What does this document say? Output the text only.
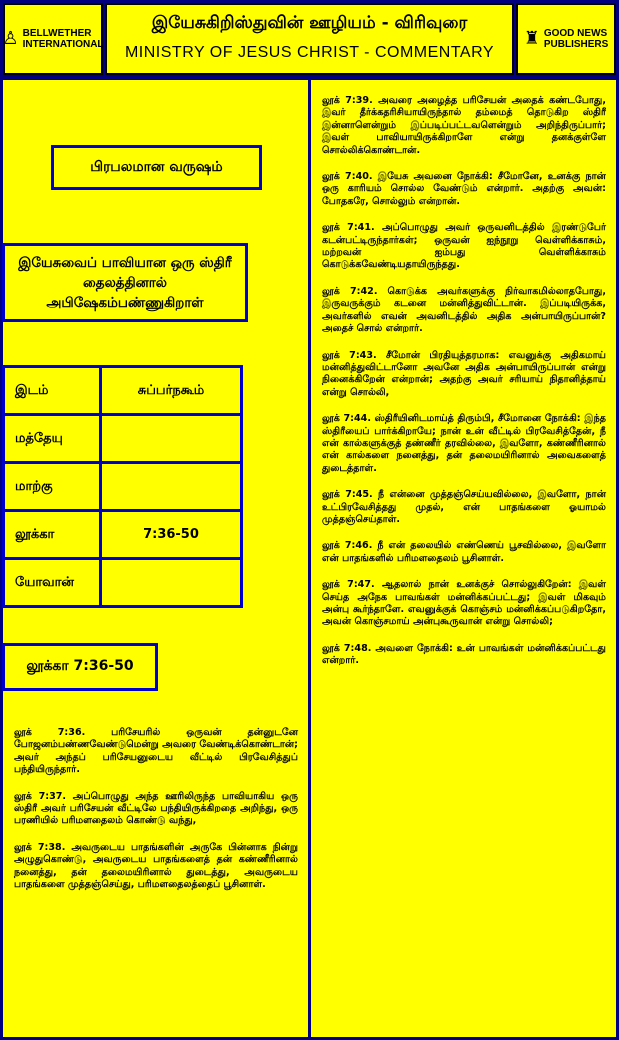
♙ BELLWETHER
INTERNATIONAL
இயேசுகிறிஸ்துவின் ஊழியம் - விரிவுரை
MINISTRY OF JESUS CHRIST - COMMENTARY
♜ GOOD NEWS
PUBLISHERS
பிரபலமான வருஷம்
இயேசுவைப் பாவியான ஒரு ஸ்திரீ தைலத்தினால் அபிஷேகம்பண்ணுகிறாள்
இடம்	சுப்பர்நகூம்
மத்தேயு	
மாற்கு	
லூக்கா	7:36-50
யோவான்	
லூக்கா 7:36-50

லூக் 7:36. பரிசேயரில் ஒருவன் தன்னுடனே போஜனம்பண்ணவேண்டுமென்று அவரை வேண்டிக்கொண்டான்; அவர் அந்தப் பரிசேயனுடைய வீட்டில் பிரவேசித்துப் பந்தியிருந்தார்.

லூக் 7:37. அப்பொழுது அந்த ஊரிலிருந்த பாவியாகிய ஒரு ஸ்திரீ அவர் பரிசேயன் வீட்டிலே பந்தியிருக்கிறதை அறிந்து, ஒரு பரணியில் பரிமளதைலம் கொண்டு வந்து,

லூக் 7:38. அவருடைய பாதங்களின் அருகே பின்னாக நின்று அழுதுகொண்டு, அவருடைய பாதங்களைத் தன் கண்ணீரினால் நனைத்து, தன் தலைமயிரினால் துடைத்து, அவருடைய பாதங்களை முத்தஞ்செய்து, பரிமளதைலத்தைப் பூசினாள்.

லூக் 7:39. அவரை அழைத்த பரிசேயன் அதைக் கண்டபோது, இவர் தீர்க்கதரிசியாயிருந்தால் தம்மைத் தொடுகிற ஸ்திரீ இன்னாளென்றும் இப்படிப்பட்டவளென்றும் அறிந்திருப்பார்; இவள் பாவியாயிருக்கிறாளே என்று தனக்குள்ளே சொல்லிக்கொண்டான்.

லூக் 7:40. இயேசு அவனை நோக்கி: சீமோனே, உனக்கு நான் ஒரு காரியம் சொல்ல வேண்டும் என்றார். அதற்கு அவன்: போதகரே, சொல்லும் என்றான்.

லூக் 7:41. அப்பொழுது அவர் ஒருவனிடத்தில் இரண்டுபேர் கடன்பட்டிருந்தார்கள்; ஒருவன் ஐந்நூறு வெள்ளிக்காசும், மற்றவன் ஐம்பது வெள்ளிக்காசும் கொடுக்கவேண்டியதாயிருந்தது.

லூக் 7:42. கொடுக்க அவர்களுக்கு நிர்வாகமில்லாதபோது, இருவருக்கும் கடனை மன்னித்துவிட்டான். இப்படியிருக்க, அவர்களில் எவன் அவனிடத்தில் அதிக அன்பாயிருப்பான்? அதைச் சொல் என்றார்.

லூக் 7:43. சீமோன் பிரதியுத்தரமாக: எவனுக்கு அதிகமாய் மன்னித்துவிட்டானோ அவனே அதிக அன்பாயிருப்பான் என்று நினைக்கிறேன் என்றான்; அதற்கு அவர் சரியாய் நிதானித்தாய் என்று சொல்லி,

லூக் 7:44. ஸ்திரீயினிடமாய்த் திரும்பி, சீமோனை நோக்கி: இந்த ஸ்திரீயைப் பார்க்கிறாயே; நான் உன் வீட்டில் பிரவேசித்தேன், நீ என் கால்களுக்குத் தண்ணீர் தரவில்லை, இவளோ, கண்ணீரினால் என் கால்களை நனைத்து, தன் தலைமயிரினால் அவைகளைத் துடைத்தாள்.

லூக் 7:45. நீ என்னை முத்தஞ்செய்யவில்லை, இவளோ, நான் உட்பிரவேசித்தது முதல், என் பாதங்களை ஓயாமல் முத்தஞ்செய்தாள்.

லூக் 7:46. நீ என் தலையில் எண்ணெய் பூசவில்லை, இவளோ என் பாதங்களில் பரிமளதைலம் பூசினாள்.

லூக் 7:47. ஆதலால் நான் உனக்குச் சொல்லுகிறேன்: இவள் செய்த அநேக பாவங்கள் மன்னிக்கப்பட்டது; இவள் மிகவும் அன்பு கூர்ந்தாளே. எவனுக்குக் கொஞ்சம் மன்னிக்கப்படுகிறதோ, அவன் கொஞ்சமாய் அன்புகூருவான் என்று சொல்லி;

லூக் 7:48. அவளை நோக்கி: உன் பாவங்கள் மன்னிக்கப்பட்டது என்றார்.
